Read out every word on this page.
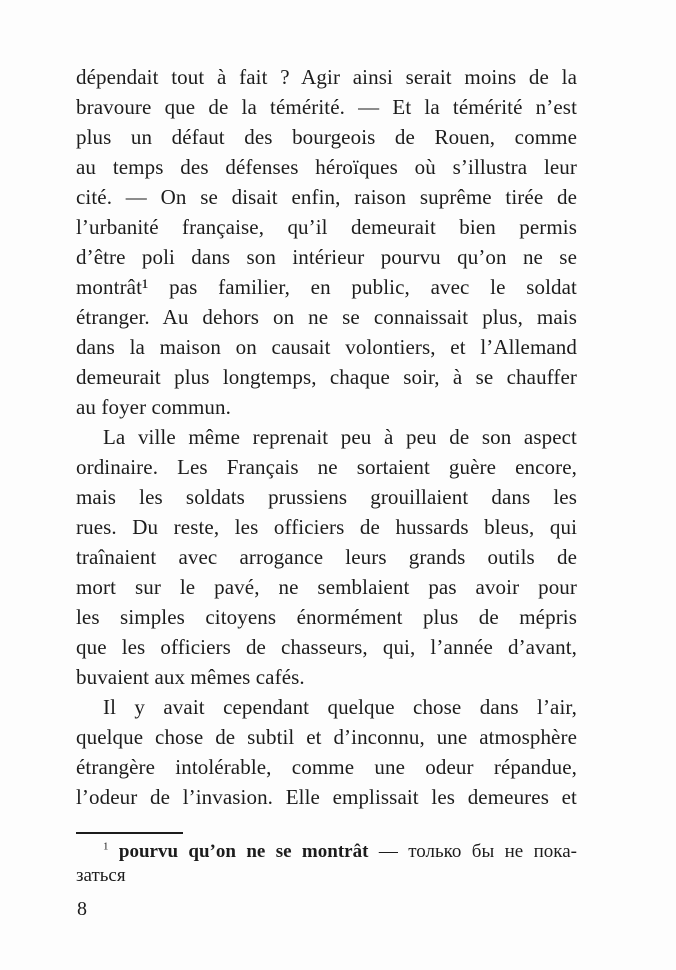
dépendait tout à fait ? Agir ainsi serait moins de la
bravoure que de la témérité. — Et la témérité n’est
plus un défaut des bourgeois de Rouen, comme
au temps des défenses héroïques où s’illustra leur
cité. — On se disait enfin, raison suprême tirée de
l’urbanité française, qu’il demeurait bien permis
d’être poli dans son intérieur pourvu qu’on ne se
montrât¹ pas familier, en public, avec le soldat
étranger. Au dehors on ne se connaissait plus, mais
dans la maison on causait volontiers, et l’Allemand
demeurait plus longtemps, chaque soir, à se chauffer
au foyer commun.
La ville même reprenait peu à peu de son aspect
ordinaire. Les Français ne sortaient guère encore,
mais les soldats prussiens grouillaient dans les
rues. Du reste, les officiers de hussards bleus, qui
traînaient avec arrogance leurs grands outils de
mort sur le pavé, ne semblaient pas avoir pour
les simples citoyens énormément plus de mépris
que les officiers de chasseurs, qui, l’année d’avant,
buvaient aux mêmes cafés.
Il y avait cependant quelque chose dans l’air,
quelque chose de subtil et d’inconnu, une atmosphère
étrangère intolérable, comme une odeur répandue,
l’odeur de l’invasion. Elle emplissait les demeures et
$^1$ pourvu qu’on ne se montrât — только бы не пока-
заться
8
